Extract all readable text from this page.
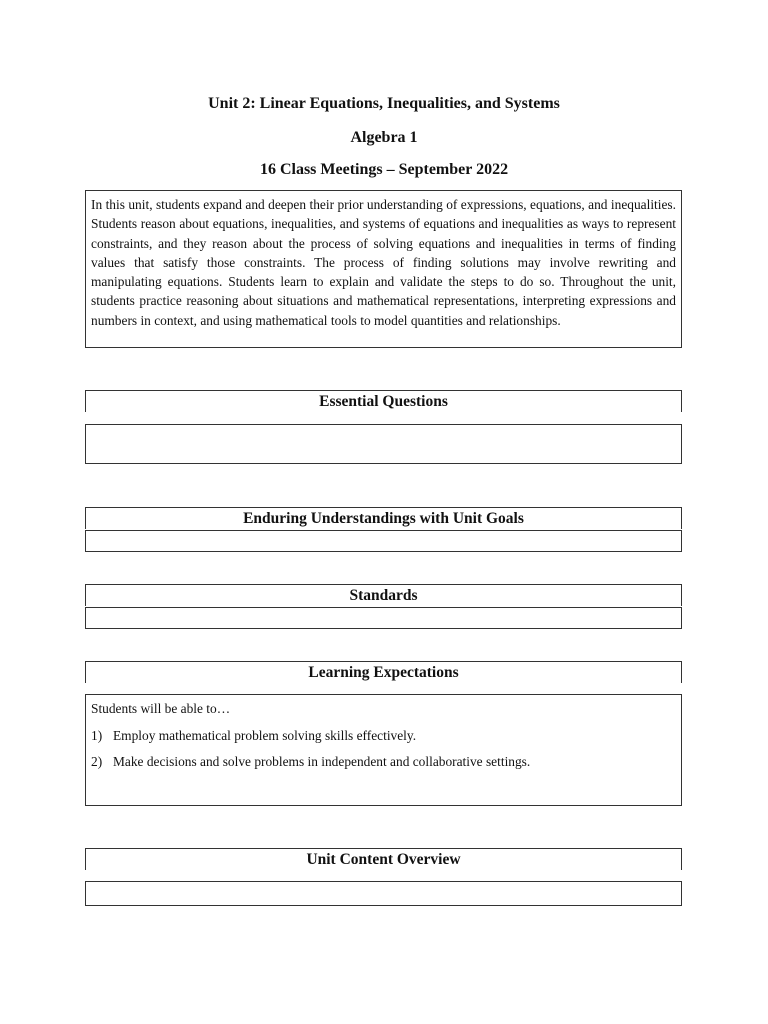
Unit 2: Linear Equations, Inequalities, and Systems
Algebra 1
16 Class Meetings – September 2022
In this unit, students expand and deepen their prior understanding of expressions, equations, and inequalities. Students reason about equations, inequalities, and systems of equations and inequalities as ways to represent constraints, and they reason about the process of solving equations and inequalities in terms of finding values that satisfy those constraints. The process of finding solutions may involve rewriting and manipulating equations. Students learn to explain and validate the steps to do so. Throughout the unit, students practice reasoning about situations and mathematical representations, interpreting expressions and numbers in context, and using mathematical tools to model quantities and relationships.
Essential Questions
Enduring Understandings with Unit Goals
Standards
Learning Expectations

Students will be able to…

1) Employ mathematical problem solving skills effectively.
2) Make decisions and solve problems in independent and collaborative settings.
Unit Content Overview
